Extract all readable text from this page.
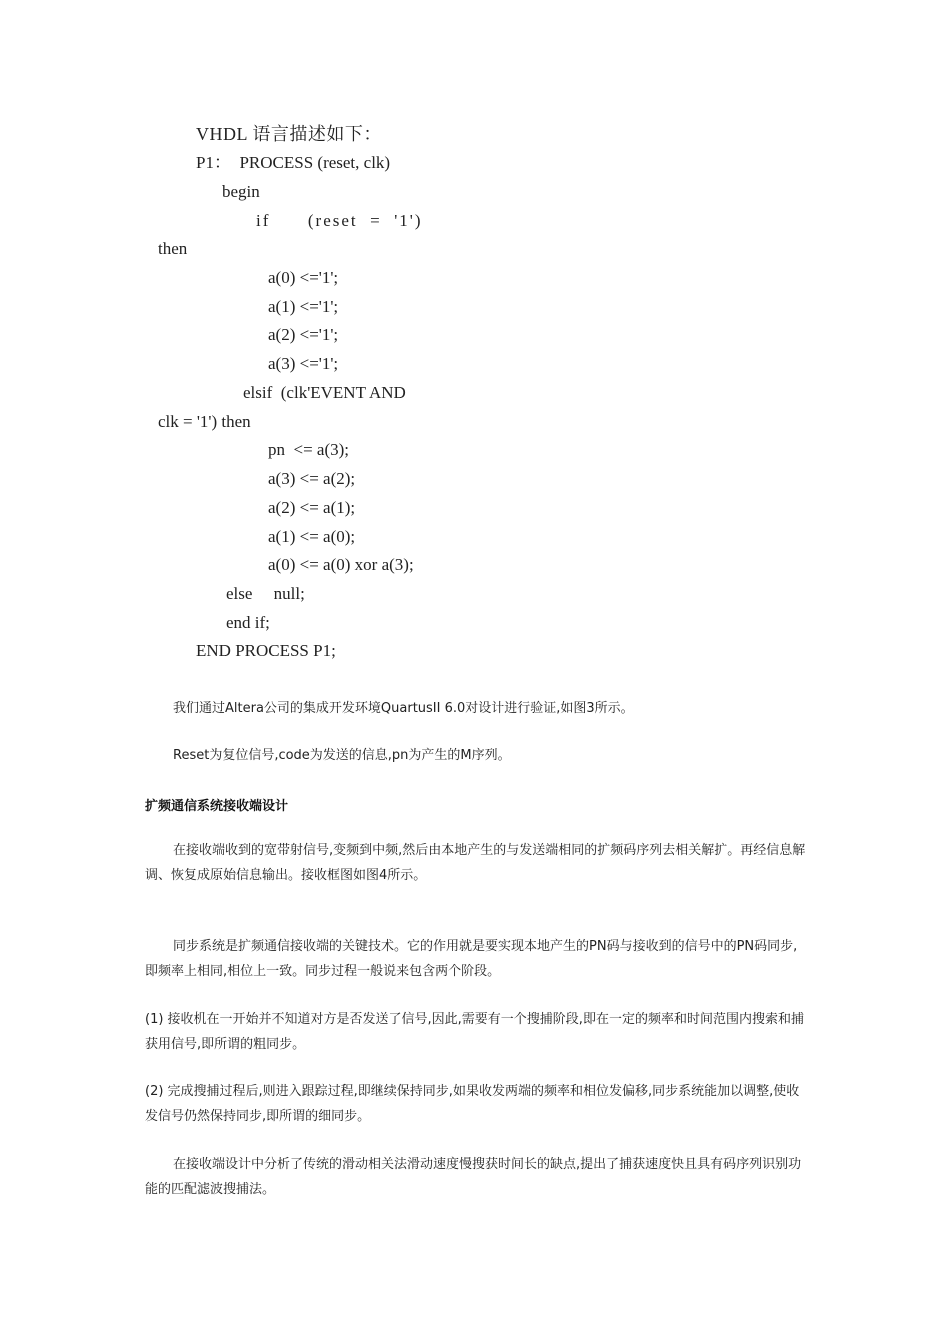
VHDL 语言描述如下：
P1：  PROCESS (reset, clk)
begin
if      (reset  =  '1')
then
a(0) <='1';
a(1) <='1';
a(2) <='1';
a(3) <='1';
elsif  (clk'EVENT AND
clk = '1') then
pn  <= a(3);
a(3) <= a(2);
a(2) <= a(1);
a(1) <= a(0);
a(0) <= a(0) xor a(3);
else     null;
end if;
END PROCESS P1;
我们通过Altera公司的集成开发环境QuartusII 6.0对设计进行验证,如图3所示。
Reset为复位信号,code为发送的信息,pn为产生的M序列。
扩频通信系统接收端设计
在接收端收到的宽带射信号,变频到中频,然后由本地产生的与发送端相同的扩频码序列去相关解扩。再经信息解调、恢复成原始信息输出。接收框图如图4所示。
同步系统是扩频通信接收端的关键技术。它的作用就是要实现本地产生的PN码与接收到的信号中的PN码同步,即频率上相同,相位上一致。同步过程一般说来包含两个阶段。
(1) 接收机在一开始并不知道对方是否发送了信号,因此,需要有一个搜捕阶段,即在一定的频率和时间范围内搜索和捕获用信号,即所谓的粗同步。
(2) 完成搜捕过程后,则进入跟踪过程,即继续保持同步,如果收发两端的频率和相位发偏移,同步系统能加以调整,使收发信号仍然保持同步,即所谓的细同步。
在接收端设计中分析了传统的滑动相关法滑动速度慢搜获时间长的缺点,提出了捕获速度快且具有码序列识别功能的匹配滤波搜捕法。
